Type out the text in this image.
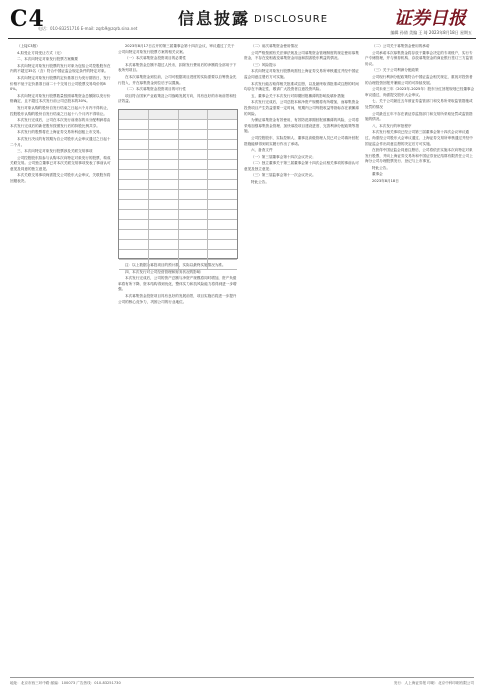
C4	信息披露 DISCLOSURE	证券日报
电话：010-83251716 E-mail: zqrb9@zqrb.sina.net
编辑 孙倩 美编 王 琦 2023年8月18日 星期五

（上接C3版）

4.拟受让方同受让方式（无）

二、本次向特定对象发行股票方案概要

本次向特定对象发行股票的发行对象为包括公司控股股东在内的不超过35名（含）符合中国证监会规定条件的特定对象。

本次向特定对象发行股票的定价基准日为发行期首日，发行价格不低于定价基准日前二十个交易日公司股票交易均价的80%。

本次向特定对象发行股票数量按照募集资金总额除以发行价格确定，且不超过本次发行前公司总股本的30%。

发行对象认购的股份自发行结束之日起六个月内不得转让，控股股东认购的股份自发行结束之日起十八个月内不得转让。

本次发行完成后，公司在本次发行前滚存的未分配利润将由本次发行完成后的新老股东按照发行后的持股比例共享。

本次发行的股票将在上海证券交易所科创板上市交易。

本次发行决议的有效期为自公司股东大会审议通过之日起十二个月。

三、本次向特定对象发行股票涉及关联交易事项

公司控股股东拟参与认购本次向特定对象发行的股票，构成关联交易。公司独立董事已对本次关联交易事项发表了事前认可意见及同意的独立意见。

本次关联交易事项尚需提交公司股东大会审议，关联股东将回避表决。

2023年8月17日召开的第三届董事会第十四次会议，审议通过了关于公司向特定对象发行股票方案的相关议案。

（一）本次募集资金投资项目的必要性

本次募集资金总额不超过人民币，扣除发行费用后的净额将全部用于下表所列项目。

在本次募集资金到位前，公司可根据项目进度的实际需要以自筹资金先行投入，并在募集资金到位后予以置换。

（二）本次募集资金投资项目的可行性

项目符合国家产业政策及公司战略发展方向，具有良好的市场前景和经济效益。

注：以上数据为募投项目的预计数，实际以最终实施情况为准。

四、本次发行对公司经营管理和财务状况的影响

本次发行完成后，公司的资产总额与净资产规模将同时增加，资产负债率将有所下降，资本结构得到优化，整体实力和抗风险能力将得到进一步增强。

本次募集资金投资项目具有良好的发展前景，项目实施后将进一步提升公司的核心竞争力，巩固公司的行业地位。

（二）前次募集资金使用情况

公司严格按照有关法律法规及公司募集资金管理制度的规定使用募集资金，不存在变相改变募集资金用途和损害股东利益的情况。

（三）风险提示

本次向特定对象发行股票尚需经上海证券交易所审核通过并经中国证监会同意注册后方可实施。

本次发行能否取得相关批准或注册，以及最终取得批准或注册的时间均存在不确定性，敬请广大投资者注意投资风险。

五、董事会关于本次发行对即期回报摊薄的影响及填补措施

本次发行完成后，公司总股本和净资产规模将有所增加，而募集资金投资项目产生效益需要一定时间，短期内公司每股收益等指标存在被摊薄的风险。

为保证募集资金有效使用，有效防范即期回报被摊薄的风险，公司将采取加强募集资金管理、加快募投项目建设进度、完善利润分配政策等措施。

公司控股股东、实际控制人、董事及高级管理人员已对公司填补回报措施能够得到切实履行作出了承诺。

六、备查文件

（一）第三届董事会第十四次会议决议；

（二）独立董事关于第三届董事会第十四次会议相关事项的事前认可意见及独立意见；

（三）第三届监事会第十一次会议决议。

特此公告。

（二）公司关于募集资金使用的承诺

公司承诺本次募集资金将存放于董事会决定的专项账户，实行专户专储管理，并与保荐机构、存放募集资金的商业银行签订三方监管协议。

（三）关于公司利润分配政策

公司现行利润分配政策符合中国证监会相关规定，重视对投资者的合理投资回报并兼顾公司的可持续发展。

公司未来三年（2023年-2025年）股东分红回报规划已经董事会审议通过，尚需提交股东大会审议。

七、关于公司最近五年被证券监管部门和交易所采取监管措施或处罚的情况

公司最近五年不存在被证券监管部门和交易所采取处罚或监管措施的情况。

八、本次发行的审批程序

本次发行相关事项已经公司第三届董事会第十四次会议审议通过，尚需经公司股东大会审议通过、上海证券交易所审核通过并经中国证监会作出同意注册的决定后方可实施。

在获得中国证监会同意注册后，公司将依法实施本次向特定对象发行股票，并向上海证券交易所和中国证券登记结算有限责任公司上海分公司办理股票发行、登记与上市事宜。

特此公告。

董事会

2023年8月18日

地址：北京市西三环中路 邮编：100073 广告热线：010-83251730	发行：人上海证券报 印刷：北京中科印刷有限公司
